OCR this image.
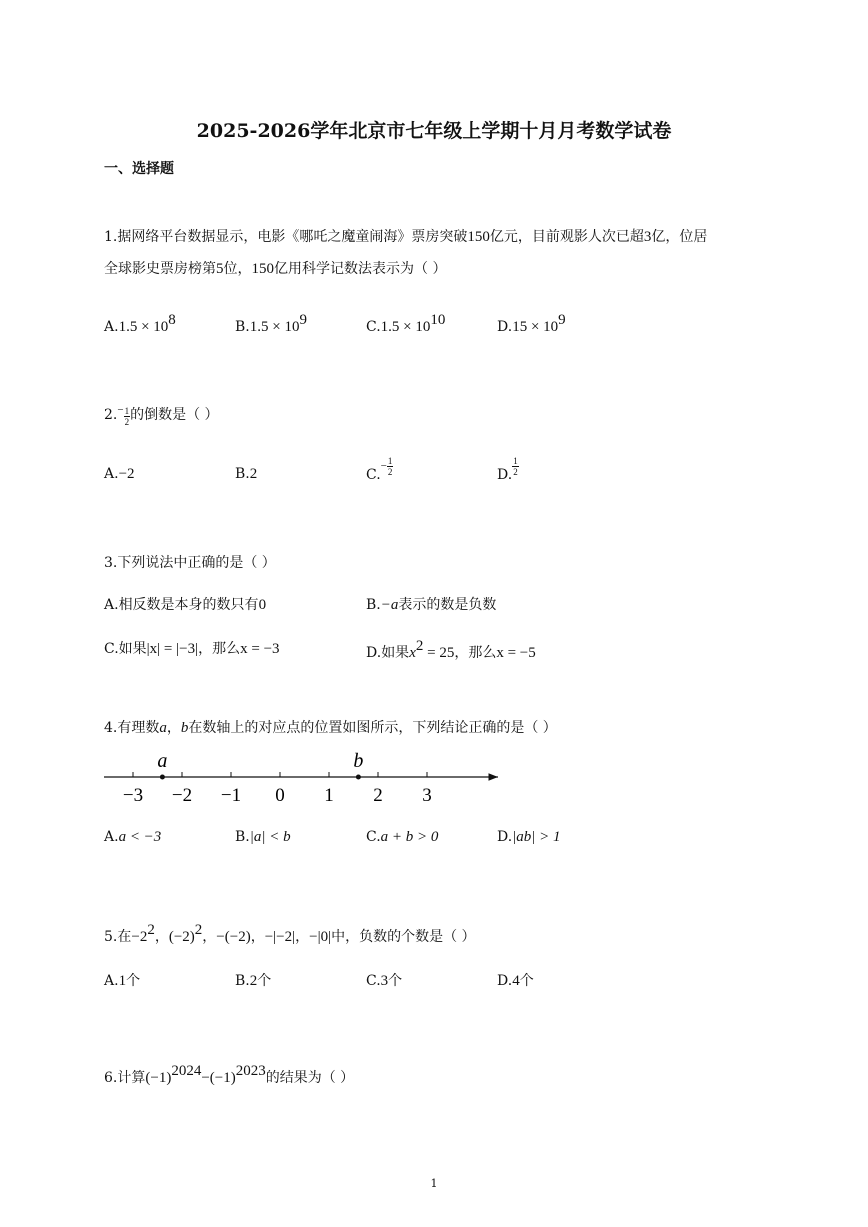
2025-2026学年北京市七年级上学期十月月考数学试卷
一、选择题
1.据网络平台数据显示，电影《哪吒之魔童闹海》票房突破150亿元，目前观影人次已超3亿，位居
全球影史票房榜第5位，150亿用科学记数法表示为（ ）
$A.1.5 \times 10^8$	$B.1.5 \times 10^9$	$C.1.5 \times 10^{10}$	$D.15 \times 10^9$
$2.^- \frac{1}{2}$ 的倒数是（ ）
A.−2	B.2	$C.- \frac{1}{2}$	D. $\frac{1}{2}$
3.下列说法中正确的是（ ）
A.相反数是本身的数只有0	B.−a表示的数是负数
C.如果|x| = |−3|，那么x = −3	D.如果$x^2 = 25$，那么x = −5
4.有理数a，b在数轴上的对应点的位置如图所示，下列结论正确的是（ ）
−3 −2 −1 0 1 2 3
a	b
A.a < −3	B.|a| < b	C.a + b > 0	D.|ab| > 1
5.在$-2^2$，$(-2)^2$，−(−2)，−|−2|，−|0|中，负数的个数是（ ）
A.1个	B.2个	C.3个	D.4个
6.计算$(-1)^{2024}-(-1)^{2023}$的结果为（ ）
1
